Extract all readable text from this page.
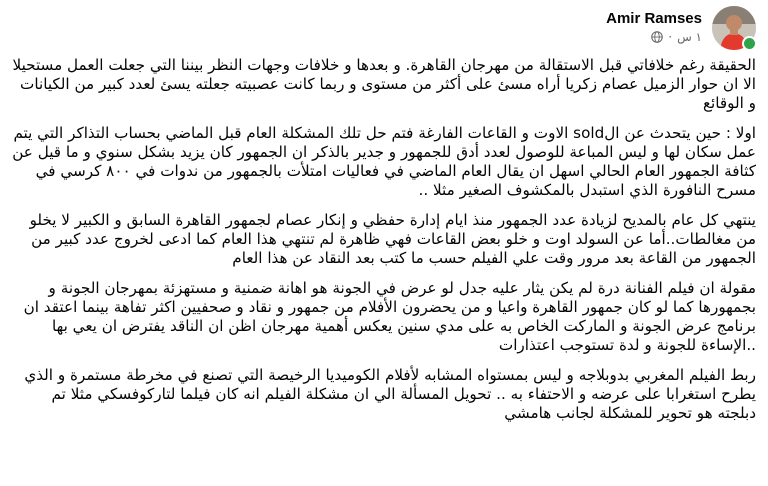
Amir Ramses
· ١ س

الحقيقة رغم خلافاتي قبل الاستقالة من مهرجان القاهرة. و بعدها و خلافات وجهات النظر بيننا التي جعلت العمل مستحيلا الا ان حوار الزميل عصام زكريا أراه مسئ على أكثر من مستوى و ربما كانت عصبيته جعلته يسئ لعدد كبير من الكيانات و الوقائع

اولا : حين يتحدث عن الsold الاوت و القاعات الفارغة فتم حل تلك المشكلة العام قبل الماضي بحساب التذاكر التي يتم عمل سكان لها و ليس المباعة للوصول لعدد أدق للجمهور و جدير بالذكر ان الجمهور كان يزيد بشكل سنوي و ما قيل عن كثافة الجمهور العام الحالي اسهل ان يقال العام الماضي في فعاليات امتلأت بالجمهور من ندوات في ٨٠٠ كرسي في مسرح النافورة الذي استبدل بالمكشوف الصغير مثلا ..

ينتهي كل عام بالمديح لزيادة عدد الجمهور منذ ايام إدارة حفظي و إنكار عصام لجمهور القاهرة السابق و الكبير لا يخلو من مغالطات..أما عن السولد اوت و خلو بعض القاعات فهي ظاهرة لم تنتهي هذا العام كما ادعى لخروج عدد كبير من الجمهور من القاعة بعد مرور وقت علي الفيلم حسب ما كتب بعد النقاد عن هذا العام

مقولة ان فيلم الفنانة درة لم يكن يثار عليه جدل لو عرض في الجونة هو اهانة ضمنية و مستهزئة بمهرجان الجونة و بجمهورها كما لو كان جمهور القاهرة واعيا و من يحضرون الأفلام من جمهور و نقاد و صحفيين اكثر تفاهة بينما اعتقد ان برنامج عرض الجونة و الماركت الخاص به على مدي سنين يعكس أهمية مهرجان اظن ان الناقد يفترض ان يعي بها ..الإساءة للجونة و لدة تستوجب اعتذارات

ربط الفيلم المغربي بدوبلاجه و ليس بمستواه المشابه لأفلام الكوميديا الرخيصة التي تصنع في مخرطة مستمرة و الذي يطرح استغرابا على عرضه و الاحتفاء به .. تحويل المسألة الي ان مشكلة الفيلم انه كان فيلما لتاركوفسكي مثلا تم دبلجته هو تحوير للمشكلة لجانب هامشي
